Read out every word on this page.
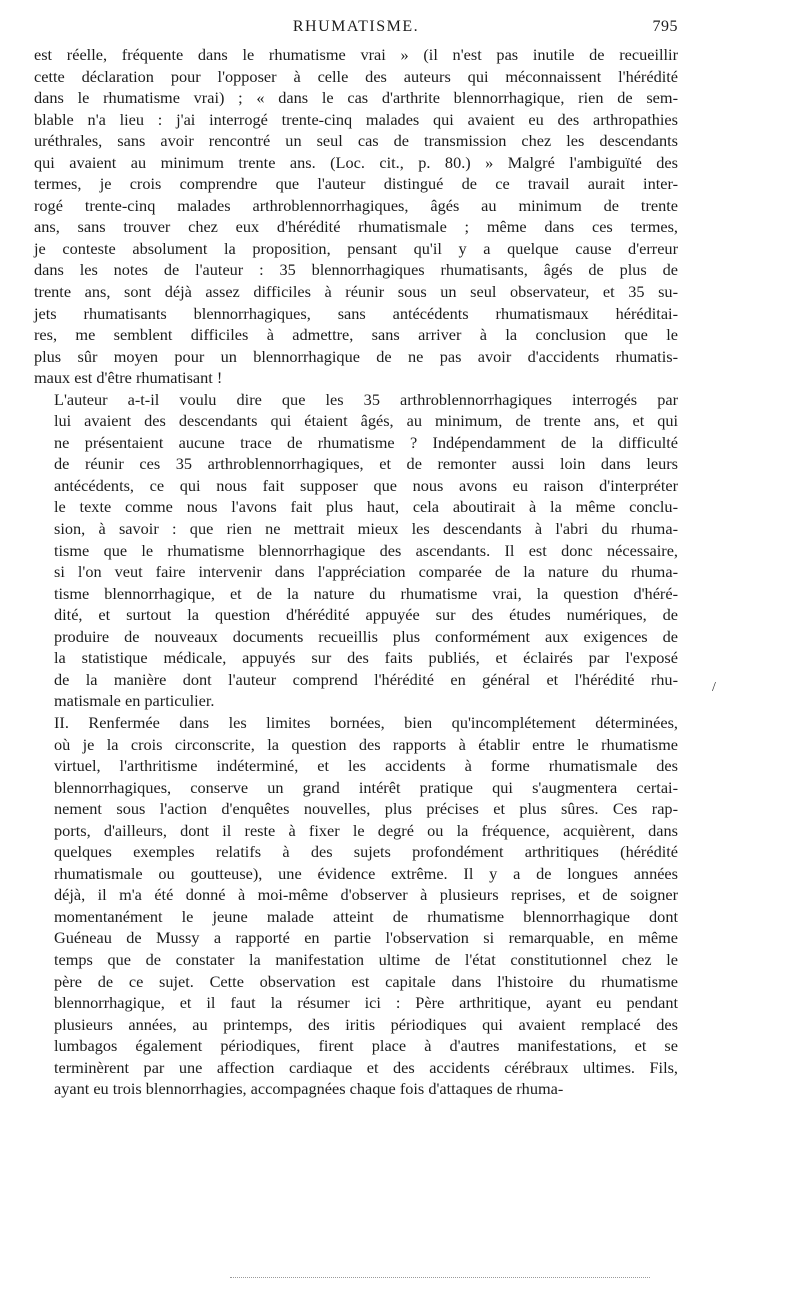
RHUMATISME.	795

est réelle, fréquente dans le rhumatisme vrai » (il n'est pas inutile de recueillir
cette déclaration pour l'opposer à celle des auteurs qui méconnaissent l'hérédité
dans le rhumatisme vrai) ; « dans le cas d'arthrite blennorrhagique, rien de sem-
blable n'a lieu : j'ai interrogé trente-cinq malades qui avaient eu des arthropathies
uréthrales, sans avoir rencontré un seul cas de transmission chez les descendants
qui avaient au minimum trente ans. (Loc. cit., p. 80.) » Malgré l'ambiguïté des
termes, je crois comprendre que l'auteur distingué de ce travail aurait inter-
rogé trente-cinq malades arthroblennorrhagiques, âgés au minimum de trente
ans, sans trouver chez eux d'hérédité rhumatismale ; même dans ces termes,
je conteste absolument la proposition, pensant qu'il y a quelque cause d'erreur
dans les notes de l'auteur : 35 blennorrhagiques rhumatisants, âgés de plus de
trente ans, sont déjà assez difficiles à réunir sous un seul observateur, et 35 su-
jets rhumatisants blennorrhagiques, sans antécédents rhumatismaux héréditai-
res, me semblent difficiles à admettre, sans arriver à la conclusion que le
plus sûr moyen pour un blennorrhagique de ne pas avoir d'accidents rhumatis-
maux est d'être rhumatisant !

L'auteur a-t-il voulu dire que les 35 arthroblennorrhagiques interrogés par
lui avaient des descendants qui étaient âgés, au minimum, de trente ans, et qui
ne présentaient aucune trace de rhumatisme ? Indépendamment de la difficulté
de réunir ces 35 arthroblennorrhagiques, et de remonter aussi loin dans leurs
antécédents, ce qui nous fait supposer que nous avons eu raison d'interpréter
le texte comme nous l'avons fait plus haut, cela aboutirait à la même conclu-
sion, à savoir : que rien ne mettrait mieux les descendants à l'abri du rhuma-
tisme que le rhumatisme blennorrhagique des ascendants. Il est donc nécessaire,
si l'on veut faire intervenir dans l'appréciation comparée de la nature du rhuma-
tisme blennorrhagique, et de la nature du rhumatisme vrai, la question d'héré-
dité, et surtout la question d'hérédité appuyée sur des études numériques, de
produire de nouveaux documents recueillis plus conformément aux exigences de
la statistique médicale, appuyés sur des faits publiés, et éclairés par l'exposé
de la manière dont l'auteur comprend l'hérédité en général et l'hérédité rhu-
matismale en particulier.

II. Renfermée dans les limites bornées, bien qu'incomplétement déterminées,
où je la crois circonscrite, la question des rapports à établir entre le rhumatisme
virtuel, l'arthritisme indéterminé, et les accidents à forme rhumatismale des
blennorrhagiques, conserve un grand intérêt pratique qui s'augmentera certai-
nement sous l'action d'enquêtes nouvelles, plus précises et plus sûres. Ces rap-
ports, d'ailleurs, dont il reste à fixer le degré ou la fréquence, acquièrent, dans
quelques exemples relatifs à des sujets profondément arthritiques (hérédité
rhumatismale ou goutteuse), une évidence extrême. Il y a de longues années
déjà, il m'a été donné à moi-même d'observer à plusieurs reprises, et de soigner
momentanément le jeune malade atteint de rhumatisme blennorrhagique dont
Guéneau de Mussy a rapporté en partie l'observation si remarquable, en même
temps que de constater la manifestation ultime de l'état constitutionnel chez le
père de ce sujet. Cette observation est capitale dans l'histoire du rhumatisme
blennorrhagique, et il faut la résumer ici : Père arthritique, ayant eu pendant
plusieurs années, au printemps, des iritis périodiques qui avaient remplacé des
lumbagos également périodiques, firent place à d'autres manifestations, et se
terminèrent par une affection cardiaque et des accidents cérébraux ultimes. Fils,
ayant eu trois blennorrhagies, accompagnées chaque fois d'attaques de rhuma-

/
